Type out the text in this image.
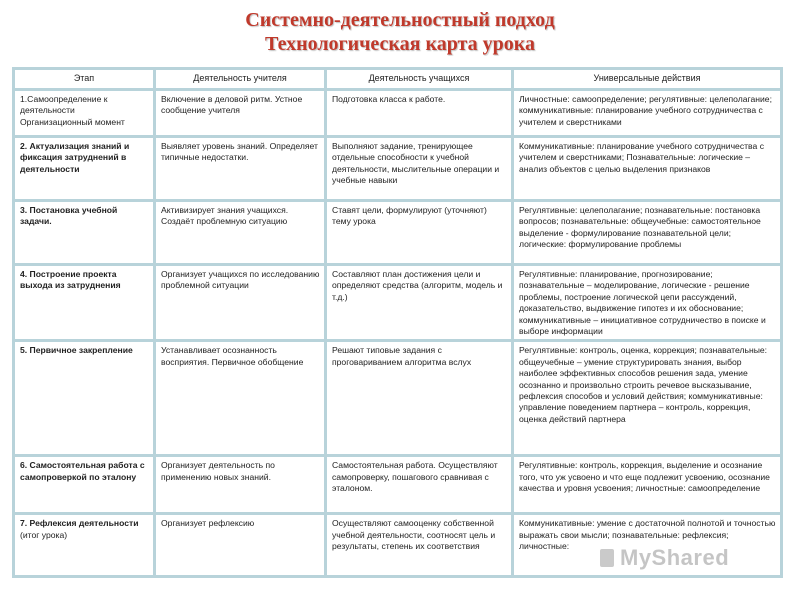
Системно-деятельностный подход
Технологическая карта урока
Этап	Деятельность учителя	Деятельность учащихся	Универсальные действия
1.Самоопределение к деятельности Организационный момент	Включение в деловой ритм. Устное сообщение учителя	Подготовка класса к работе.	Личностные: самоопределение; регулятивные: целеполагание; коммуникативные: планирование учебного сотрудничества с учителем и сверстниками
2. Актуализация знаний и фиксация затруднений в деятельности	Выявляет уровень знаний. Определяет типичные недостатки.	Выполняют задание, тренирующее отдельные способности к учебной деятельности, мыслительные операции и учебные навыки	Коммуникативные: планирование учебного сотрудничества с учителем и сверстниками; Познавательные: логические – анализ объектов с целью выделения признаков
3. Постановка учебной задачи.	Активизирует знания учащихся. Создаёт проблемную ситуацию	Ставят цели, формулируют (уточняют) тему урока	Регулятивные: целеполагание; познавательные: постановка вопросов; познавательные: общеучебные: самостоятельное выделение - формулирование познавательной цели; логические: формулирование проблемы
4. Построение проекта выхода из затруднения	Организует учащихся по исследованию проблемной ситуации	Составляют план достижения цели и определяют средства (алгоритм, модель и т.д.)	Регулятивные: планирование, прогнозирование; познавательные – моделирование, логические - решение проблемы, построение логической цепи рассуждений, доказательство, выдвижение гипотез и их обоснование; коммуникативные – инициативное сотрудничество в поиске и выборе информации
5. Первичное закрепление	Устанавливает осознанность восприятия. Первичное обобщение	Решают типовые задания с проговариванием алгоритма вслух	Регулятивные: контроль, оценка, коррекция; познавательные: общеучебные – умение структурировать знания, выбор наиболее эффективных способов решения зада, умение осознанно и произвольно строить речевое высказывание, рефлексия способов и условий действия; коммуникативные: управление поведением партнера – контроль, коррекция, оценка действий партнера
6. Самостоятельная работа с самопроверкой по эталону	Организует деятельность по применению новых знаний.	Самостоятельная работа. Осуществляют самопроверку, пошагового сравнивая с эталоном.	Регулятивные: контроль, коррекция, выделение и осознание того, что уж усвоено и что еще подлежит усвоению, осознание качества и уровня усвоения; личностные: самоопределение
7. Рефлексия деятельности (итог урока)	Организует рефлексию	Осуществляют самооценку собственной учебной деятельности, соотносят цель и результаты, степень их соответствия	Коммуникативные: умение с достаточной полнотой и точностью выражать свои мысли; познавательные: рефлексия; личностные:	MyShared
